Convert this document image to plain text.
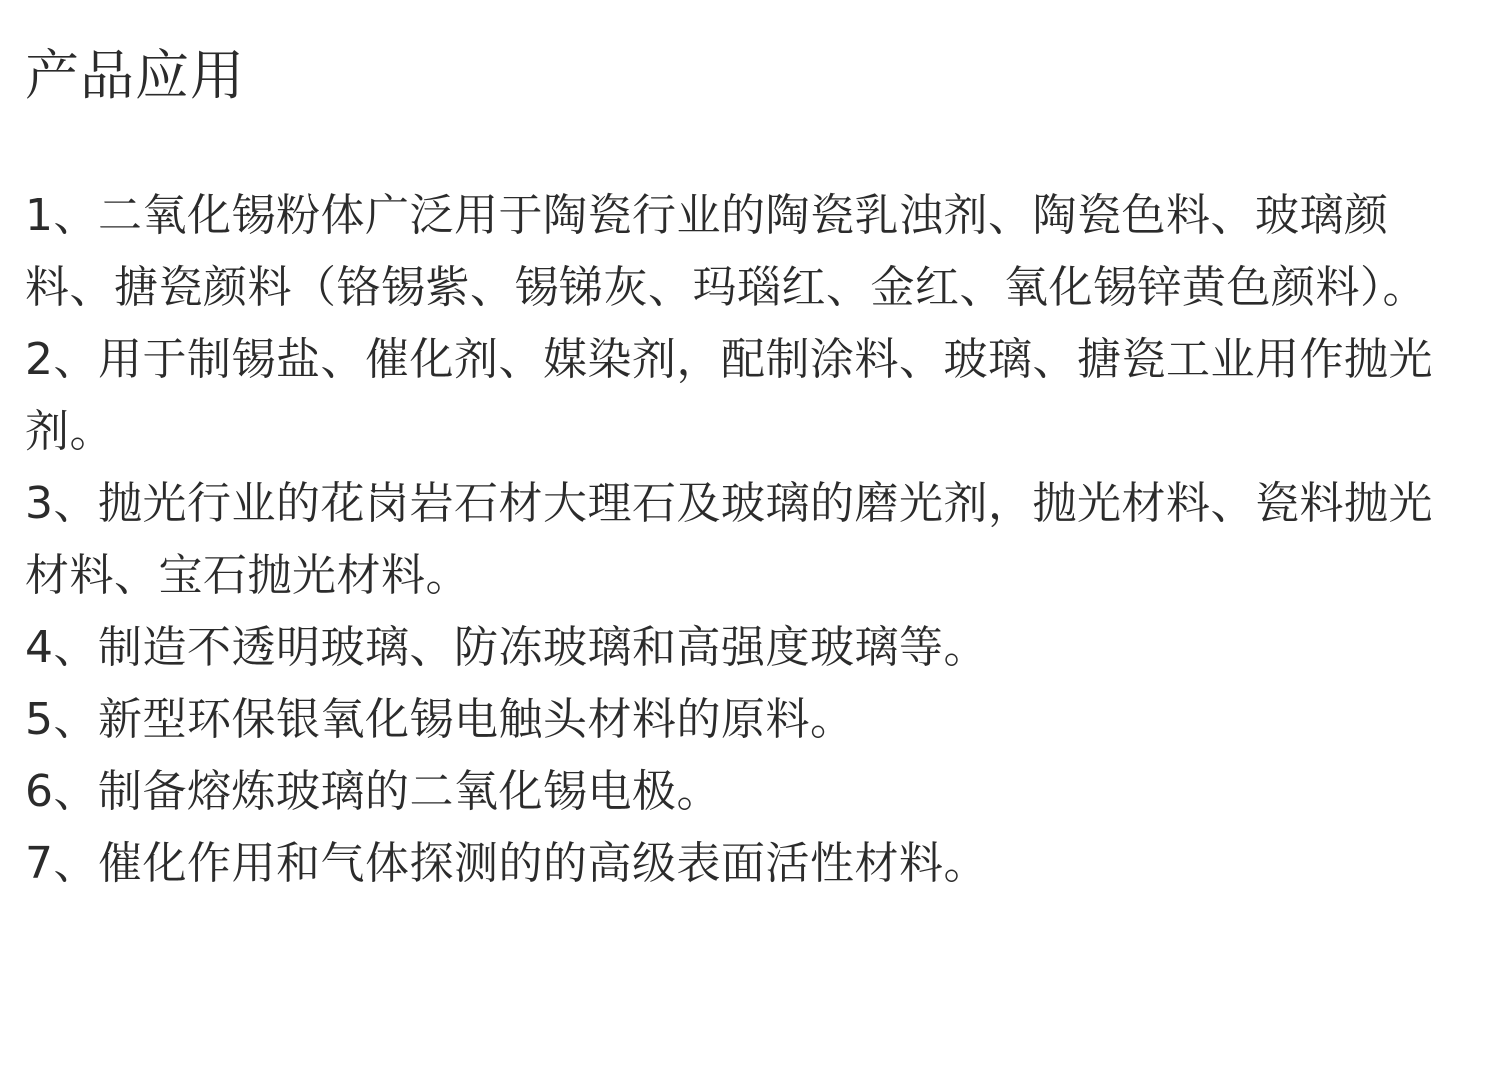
产品应用

1、二氧化锡粉体广泛用于陶瓷行业的陶瓷乳浊剂、陶瓷色料、玻璃颜料、搪瓷颜料（铬锡紫、锡锑灰、玛瑙红、金红、氧化锡锌黄色颜料）。

2、用于制锡盐、催化剂、媒染剂，配制涂料、玻璃、搪瓷工业用作抛光剂。

3、抛光行业的花岗岩石材大理石及玻璃的磨光剂，抛光材料、瓷料抛光材料、宝石抛光材料。

4、制造不透明玻璃、防冻玻璃和高强度玻璃等。

5、新型环保银氧化锡电触头材料的原料。

6、制备熔炼玻璃的二氧化锡电极。

7、催化作用和气体探测的的高级表面活性材料。
